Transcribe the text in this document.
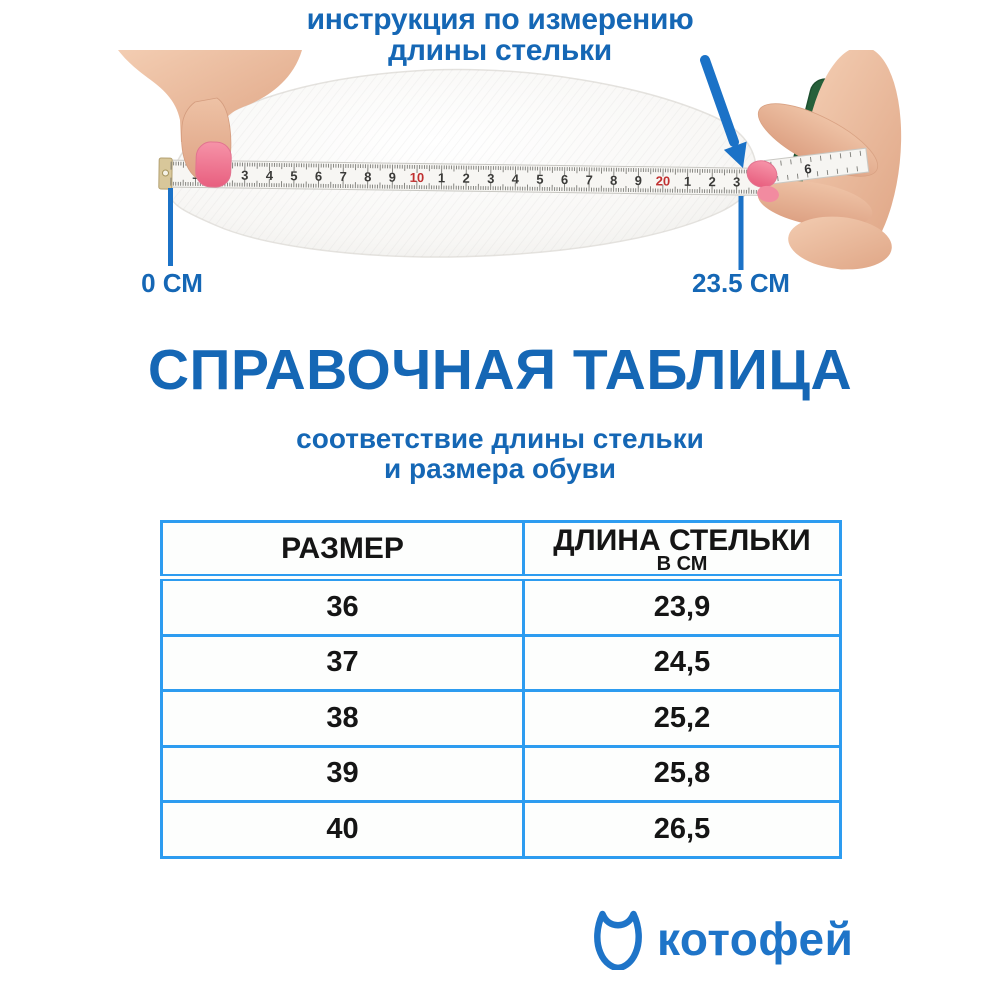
инструкция по измерению
длины стельки
3 4 5 6 7 8 9 10 1 2 3 4 5 6 7 8 9 20 1 2 3
6
0 СМ	23.5 СМ
СПРАВОЧНАЯ ТАБЛИЦА
соответствие длины стельки
и размера обуви
РАЗМЕР	ДЛИНА СТЕЛЬКИ
В СМ

36	23,9
37	24,5
38	25,2
39	25,8
40	26,5
котофей
